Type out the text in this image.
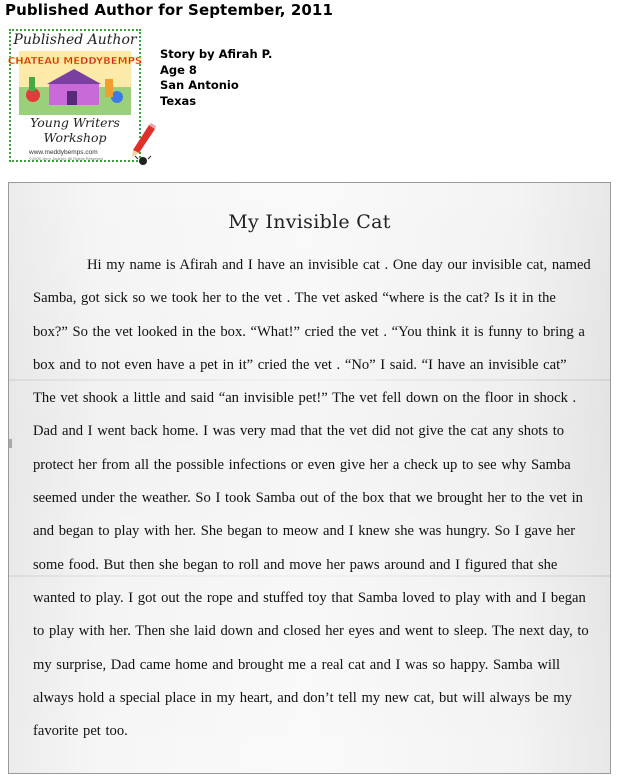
Published Author for September, 2011
Published Author
CHATEAU MEDDYBEMPS
Young Writers
Workshop
www.meddybemps.com
©2005 Jerry Jindrich. All Rights Reserved
Story by Afirah P.
Age 8
San Antonio
Texas
My Invisible Cat
Hi my name is Afirah and I have an invisible cat . One day our invisible cat, named Samba, got sick so we took her to the vet . The vet asked “where is the cat? Is it in the box?” So the vet looked in the box. “What!” cried the vet . “You think it is funny to bring a box and to not even have a pet in it” cried the vet . “No” I said. “I have an invisible cat” The vet shook a little and said “an invisible pet!” The vet fell down on the floor in shock . Dad and I went back home. I was very mad that the vet did not give the cat any shots to protect her from all the possible infections or even give her a check up to see why Samba seemed under the weather. So I took Samba out of the box that we brought her to the vet in and began to play with her. She began to meow and I knew she was hungry. So I gave her some food. But then she began to roll and move her paws around and I figured that she wanted to play. I got out the rope and stuffed toy that Samba loved to play with and I began to play with her. Then she laid down and closed her eyes and went to sleep. The next day, to my surprise, Dad came home and brought me a real cat and I was so happy. Samba will always hold a special place in my heart, and don’t tell my new cat, but will always be my favorite pet too.
